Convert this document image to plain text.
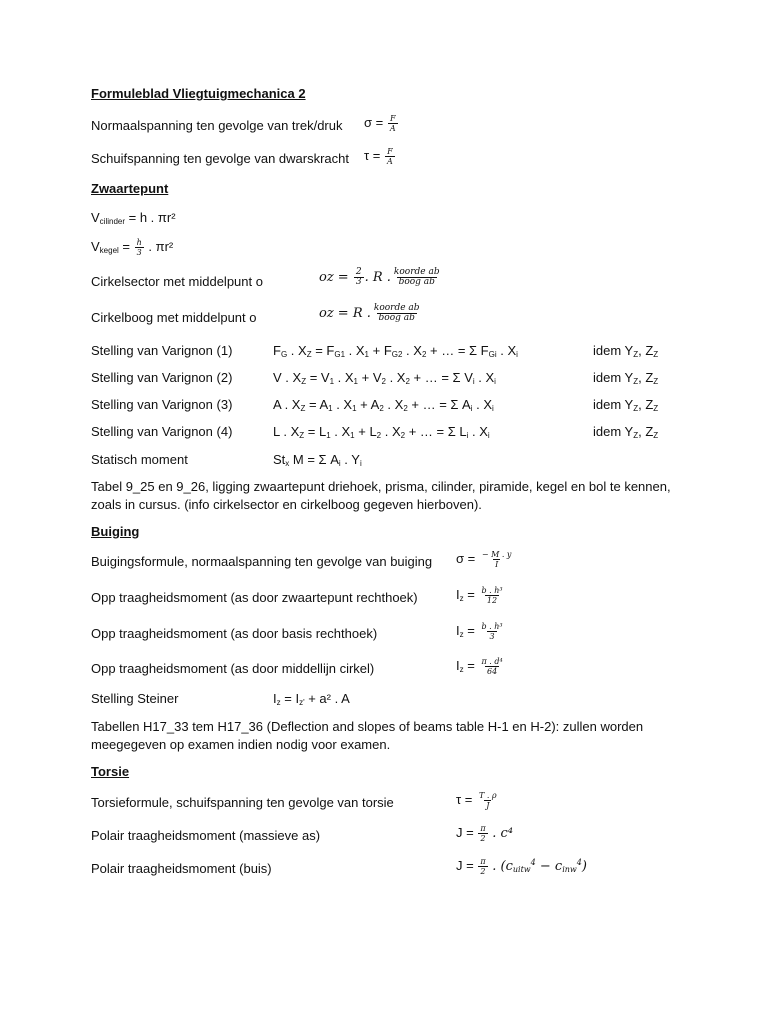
Formuleblad Vliegtuigmechanica 2
Normaalspanning ten gevolge van trek/druk $\sigma = \frac{F}{A}$
Schuifspanning ten gevolge van dwarskracht $\tau = \frac{F}{A}$
Zwaartepunt
$V_{cilinder} = h$ . πr²
$V_{kegel} = \frac{h}{3}$ . πr²
Cirkelsector met middelpunt o	oz = $\frac{2}{3}$ . R . $\frac{\text{koorde ab}}{\text{boog ab}}$
Cirkelboog met middelpunt o	oz = R . $\frac{\text{koorde ab}}{\text{boog ab}}$
Stelling van Varignon (1)	$F_G$ . $X_Z = F_{G1}$ . $X_1 + F_{G2}$ . $X_2$ + … = Σ $F_{Gi}$ . $X_i$	idem $Y_Z$, $Z_Z$
Stelling van Varignon (2)	V . $X_Z = V_1$ . $X_1 + V_2$ . $X_2$ + … = Σ $V_i$ . $X_i$	idem $Y_Z$, $Z_Z$
Stelling van Varignon (3)	A . $X_Z = A_1$ . $X_1 + A_2$ . $X_2$ + … = Σ $A_i$ . $X_i$	idem $Y_Z$, $Z_Z$
Stelling van Varignon (4)	L . $X_Z = L_1$ . $X_1 + L_2$ . $X_2$ + … = Σ $L_i$ . $X_i$	idem $Y_Z$, $Z_Z$
Statisch moment	$St_x$ M = Σ $A_i$ . $Y_i$
Tabel 9_25 en 9_26, ligging zwaartepunt driehoek, prisma, cilinder, piramide, kegel en bol te kennen, zoals in cursus. (info cirkelsector en cirkelboog gegeven hierboven).
Buiging
Buigingsformule, normaalspanning ten gevolge van buiging $\sigma = \frac{- M . y}{I}$
Opp traagheidsmoment (as door zwaartepunt rechthoek)	$I_z = \frac{\text{b . h³}}{12}$
Opp traagheidsmoment (as door basis rechthoek)	$I_z = \frac{\text{b . h³}}{3}$
Opp traagheidsmoment (as door middellijn cirkel)	$I_z = \frac{\text{π . d⁴}}{64}$
Stelling Steiner	$I_z = I_{z'} + a^2$ . A
Tabellen H17_33 tem H17_36 (Deflection and slopes of beams table H-1 en H-2): zullen worden meegegeven op examen indien nodig voor examen.
Torsie
Torsieformule, schuifspanning ten gevolge van torsie	$\tau = \frac{T . \rho}{J}$
Polair traagheidsmoment (massieve as)	$J = \frac{\pi}{2}$ . c⁴
Polair traagheidsmoment (buis)	$J = \frac{\pi}{2}$ . $(c_{uitw}^4 - c_{inw}^4)$
